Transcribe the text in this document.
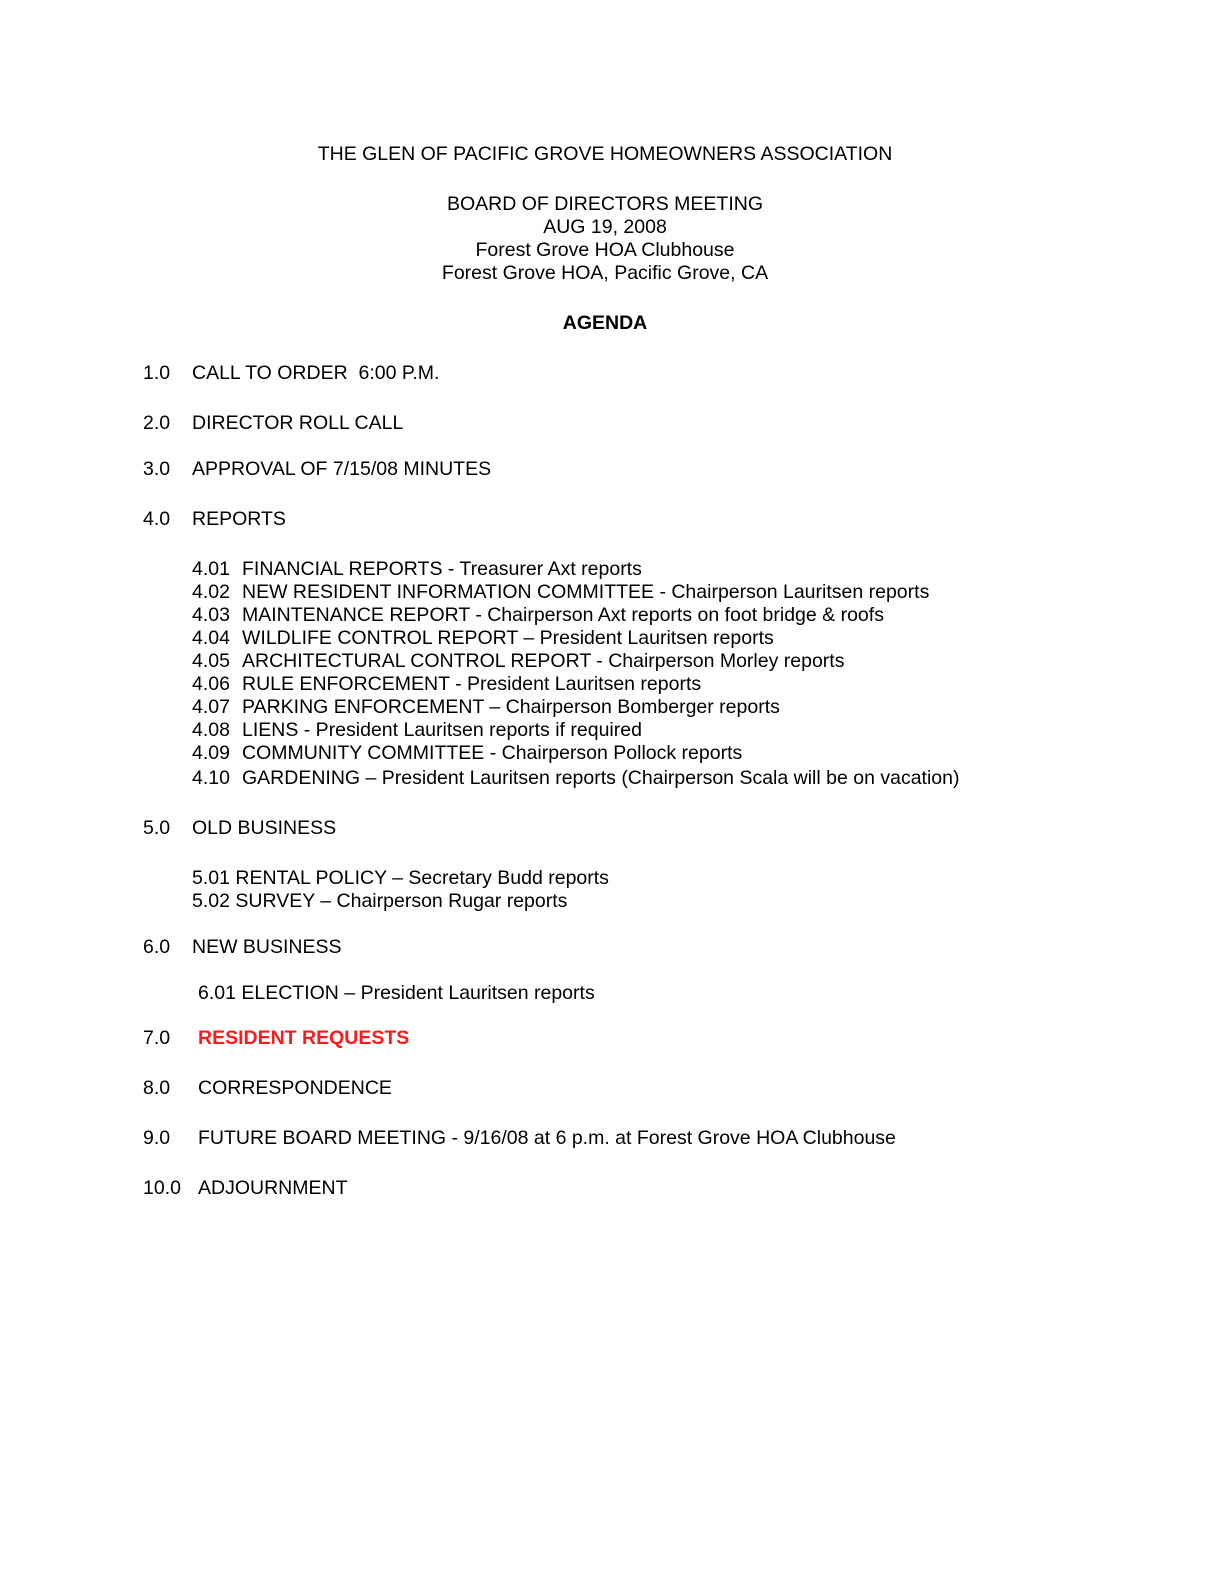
THE GLEN OF PACIFIC GROVE HOMEOWNERS ASSOCIATION
BOARD OF DIRECTORS MEETING
AUG 19, 2008
Forest Grove HOA Clubhouse
Forest Grove HOA, Pacific Grove, CA
AGENDA
1.0 CALL TO ORDER  6:00 P.M.
2.0 DIRECTOR ROLL CALL
3.0 APPROVAL OF 7/15/08 MINUTES
4.0 REPORTS
4.01 FINANCIAL REPORTS - Treasurer Axt reports
4.02 NEW RESIDENT INFORMATION COMMITTEE - Chairperson Lauritsen reports
4.03 MAINTENANCE REPORT - Chairperson Axt reports on foot bridge & roofs
4.04 WILDLIFE CONTROL REPORT – President Lauritsen reports
4.05 ARCHITECTURAL CONTROL REPORT - Chairperson Morley reports
4.06 RULE ENFORCEMENT - President Lauritsen reports
4.07 PARKING ENFORCEMENT – Chairperson Bomberger reports
4.08 LIENS - President Lauritsen reports if required
4.09 COMMUNITY COMMITTEE - Chairperson Pollock reports
4.10 GARDENING – President Lauritsen reports (Chairperson Scala will be on vacation)
5.0 OLD BUSINESS
5.01 RENTAL POLICY – Secretary Budd reports
5.02 SURVEY – Chairperson Rugar reports
6.0 NEW BUSINESS
6.01 ELECTION – President Lauritsen reports
7.0 RESIDENT REQUESTS
8.0 CORRESPONDENCE
9.0 FUTURE BOARD MEETING - 9/16/08 at 6 p.m. at Forest Grove HOA Clubhouse
10.0 ADJOURNMENT
